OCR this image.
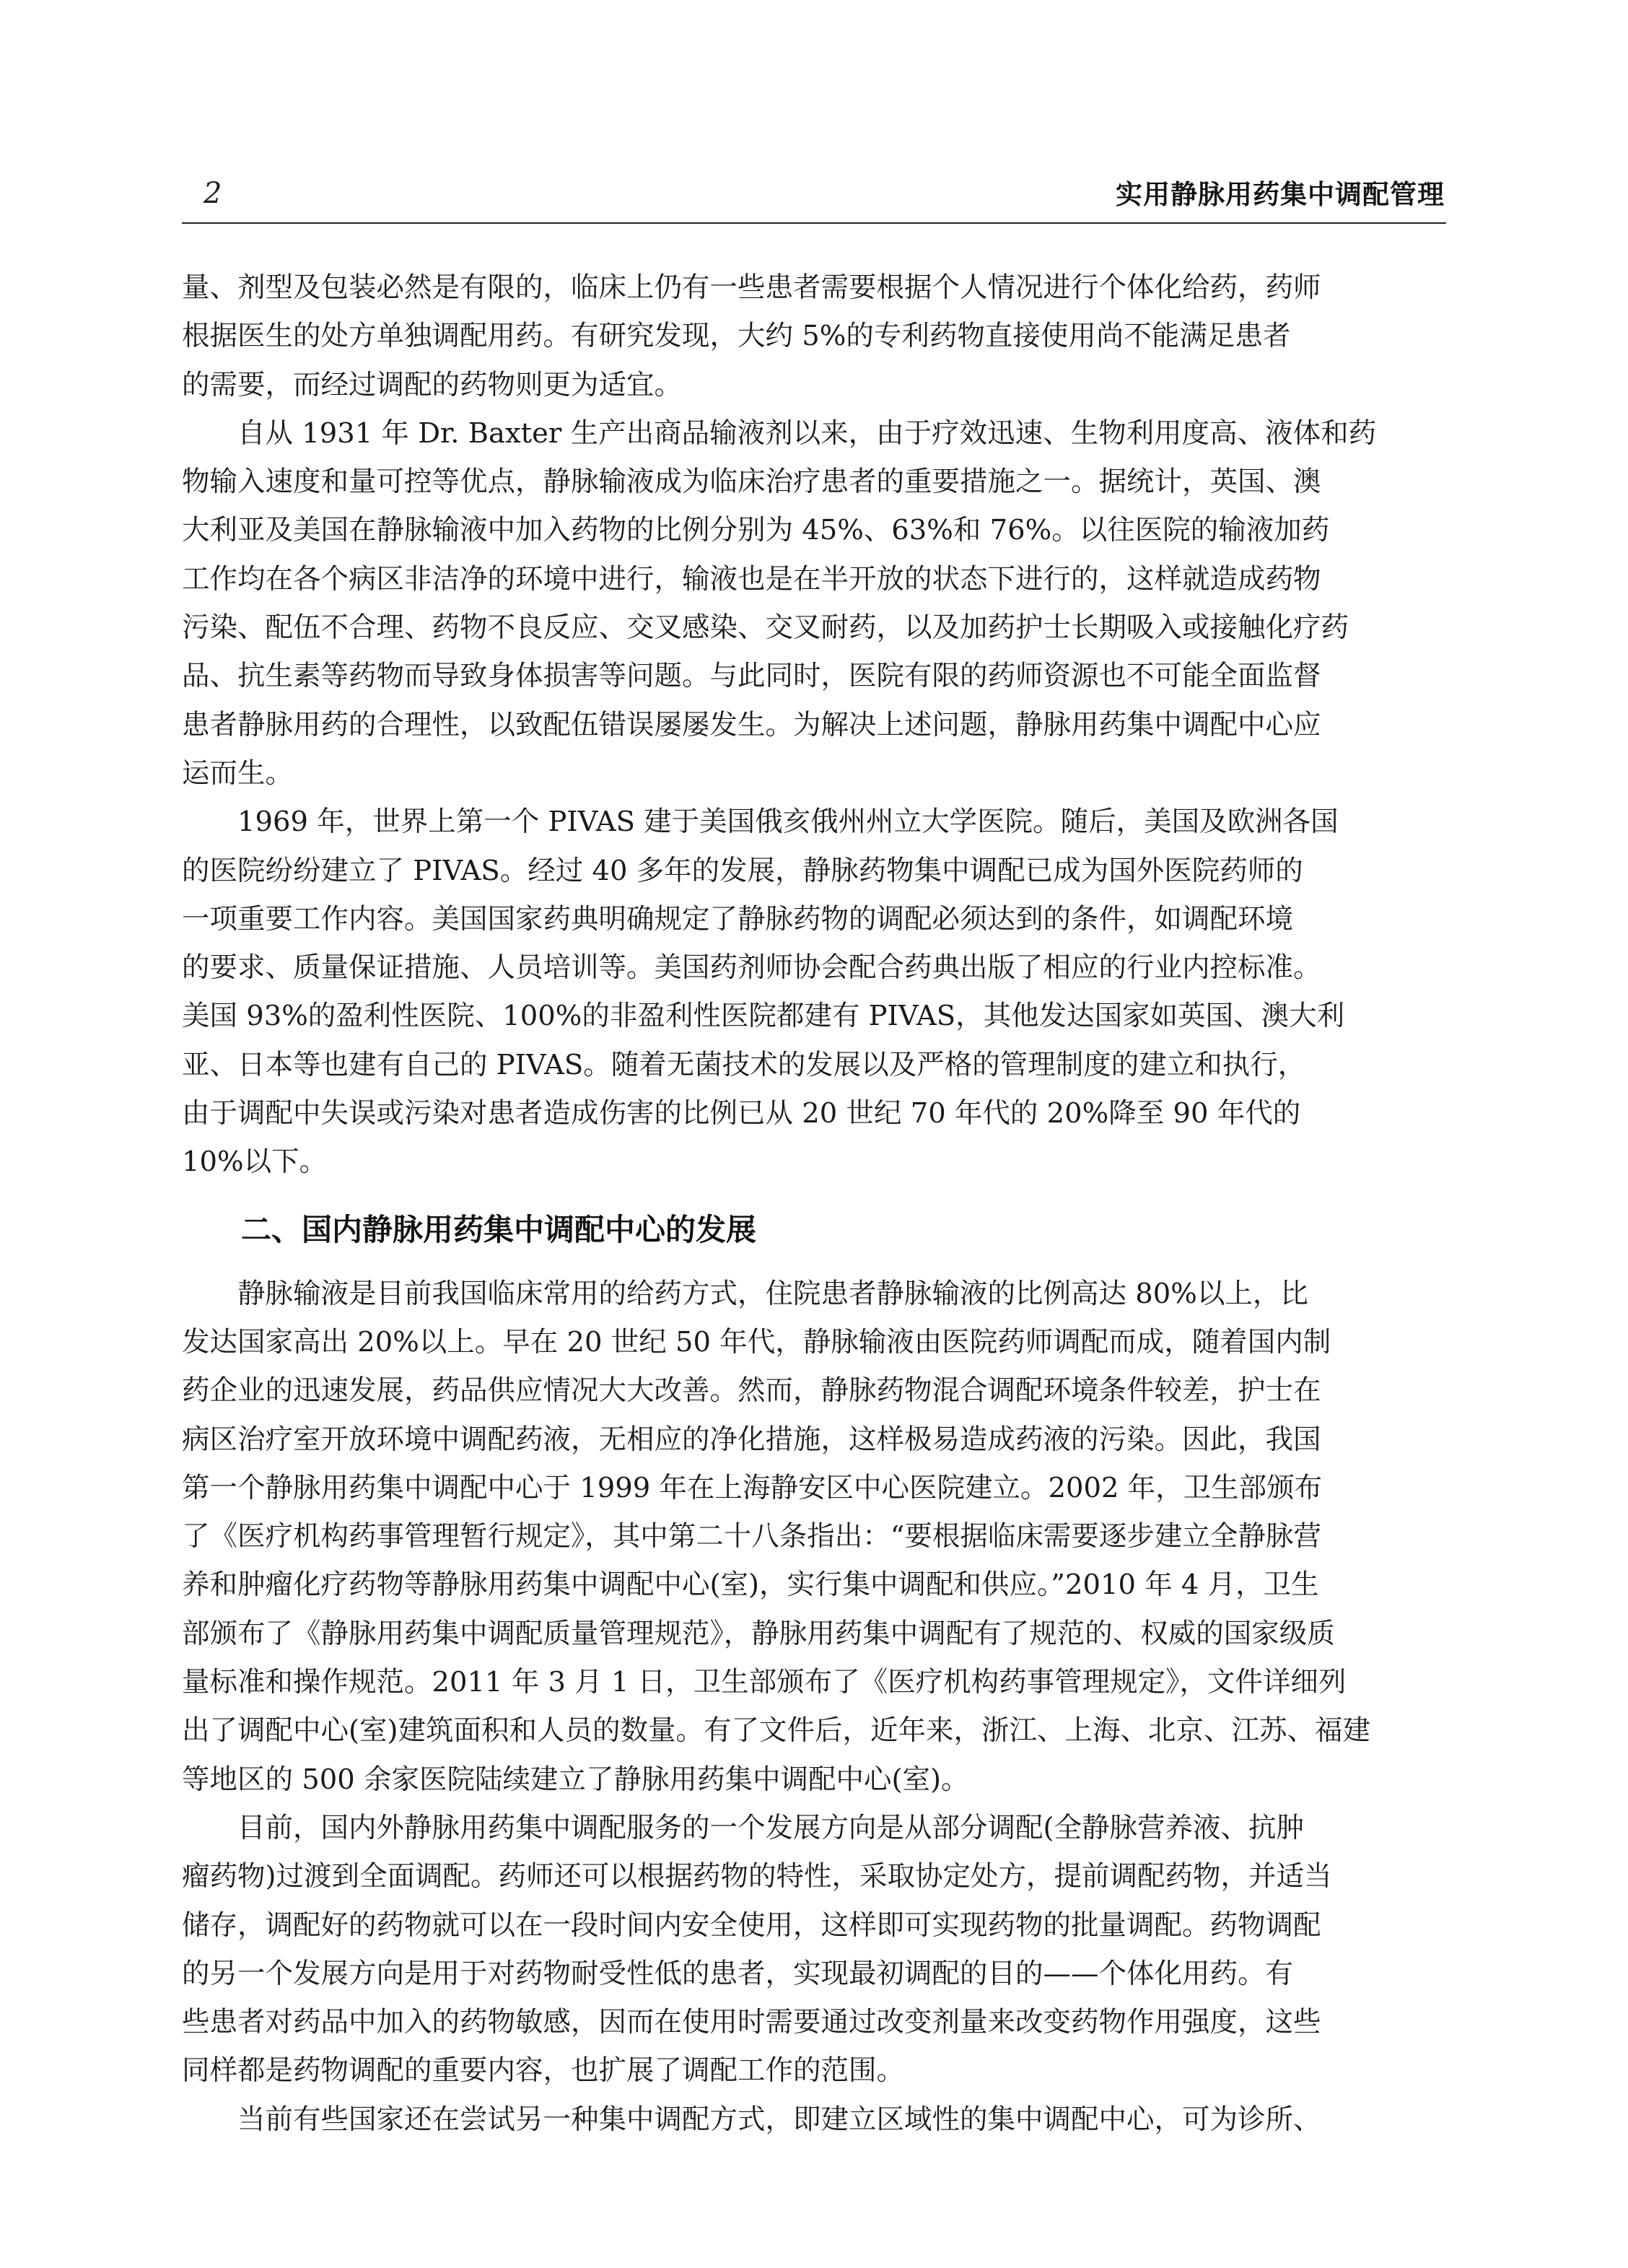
2	实用静脉用药集中调配管理

量、剂型及包装必然是有限的，临床上仍有一些患者需要根据个人情况进行个体化给药，药师
根据医生的处方单独调配用药。有研究发现，大约 5%的专利药物直接使用尚不能满足患者
的需要，而经过调配的药物则更为适宜。

自从 1931 年 Dr. Baxter 生产出商品输液剂以来，由于疗效迅速、生物利用度高、液体和药
物输入速度和量可控等优点，静脉输液成为临床治疗患者的重要措施之一。据统计，英国、澳
大利亚及美国在静脉输液中加入药物的比例分别为 45%、63%和 76%。以往医院的输液加药
工作均在各个病区非洁净的环境中进行，输液也是在半开放的状态下进行的，这样就造成药物
污染、配伍不合理、药物不良反应、交叉感染、交叉耐药，以及加药护士长期吸入或接触化疗药
品、抗生素等药物而导致身体损害等问题。与此同时，医院有限的药师资源也不可能全面监督
患者静脉用药的合理性，以致配伍错误屡屡发生。为解决上述问题，静脉用药集中调配中心应
运而生。

1969 年，世界上第一个 PIVAS 建于美国俄亥俄州州立大学医院。随后，美国及欧洲各国
的医院纷纷建立了 PIVAS。经过 40 多年的发展，静脉药物集中调配已成为国外医院药师的
一项重要工作内容。美国国家药典明确规定了静脉药物的调配必须达到的条件，如调配环境
的要求、质量保证措施、人员培训等。美国药剂师协会配合药典出版了相应的行业内控标准。
美国 93%的盈利性医院、100%的非盈利性医院都建有 PIVAS，其他发达国家如英国、澳大利
亚、日本等也建有自己的 PIVAS。随着无菌技术的发展以及严格的管理制度的建立和执行，
由于调配中失误或污染对患者造成伤害的比例已从 20 世纪 70 年代的 20%降至 90 年代的
10%以下。

二、国内静脉用药集中调配中心的发展

静脉输液是目前我国临床常用的给药方式，住院患者静脉输液的比例高达 80%以上，比
发达国家高出 20%以上。早在 20 世纪 50 年代，静脉输液由医院药师调配而成，随着国内制
药企业的迅速发展，药品供应情况大大改善。然而，静脉药物混合调配环境条件较差，护士在
病区治疗室开放环境中调配药液，无相应的净化措施，这样极易造成药液的污染。因此，我国
第一个静脉用药集中调配中心于 1999 年在上海静安区中心医院建立。2002 年，卫生部颁布
了《医疗机构药事管理暂行规定》，其中第二十八条指出：“要根据临床需要逐步建立全静脉营
养和肿瘤化疗药物等静脉用药集中调配中心(室)，实行集中调配和供应。”2010 年 4 月，卫生
部颁布了《静脉用药集中调配质量管理规范》，静脉用药集中调配有了规范的、权威的国家级质
量标准和操作规范。2011 年 3 月 1 日，卫生部颁布了《医疗机构药事管理规定》，文件详细列
出了调配中心(室)建筑面积和人员的数量。有了文件后，近年来，浙江、上海、北京、江苏、福建
等地区的 500 余家医院陆续建立了静脉用药集中调配中心(室)。

目前，国内外静脉用药集中调配服务的一个发展方向是从部分调配(全静脉营养液、抗肿
瘤药物)过渡到全面调配。药师还可以根据药物的特性，采取协定处方，提前调配药物，并适当
储存，调配好的药物就可以在一段时间内安全使用，这样即可实现药物的批量调配。药物调配
的另一个发展方向是用于对药物耐受性低的患者，实现最初调配的目的——个体化用药。有
些患者对药品中加入的药物敏感，因而在使用时需要通过改变剂量来改变药物作用强度，这些
同样都是药物调配的重要内容，也扩展了调配工作的范围。

当前有些国家还在尝试另一种集中调配方式，即建立区域性的集中调配中心，可为诊所、
